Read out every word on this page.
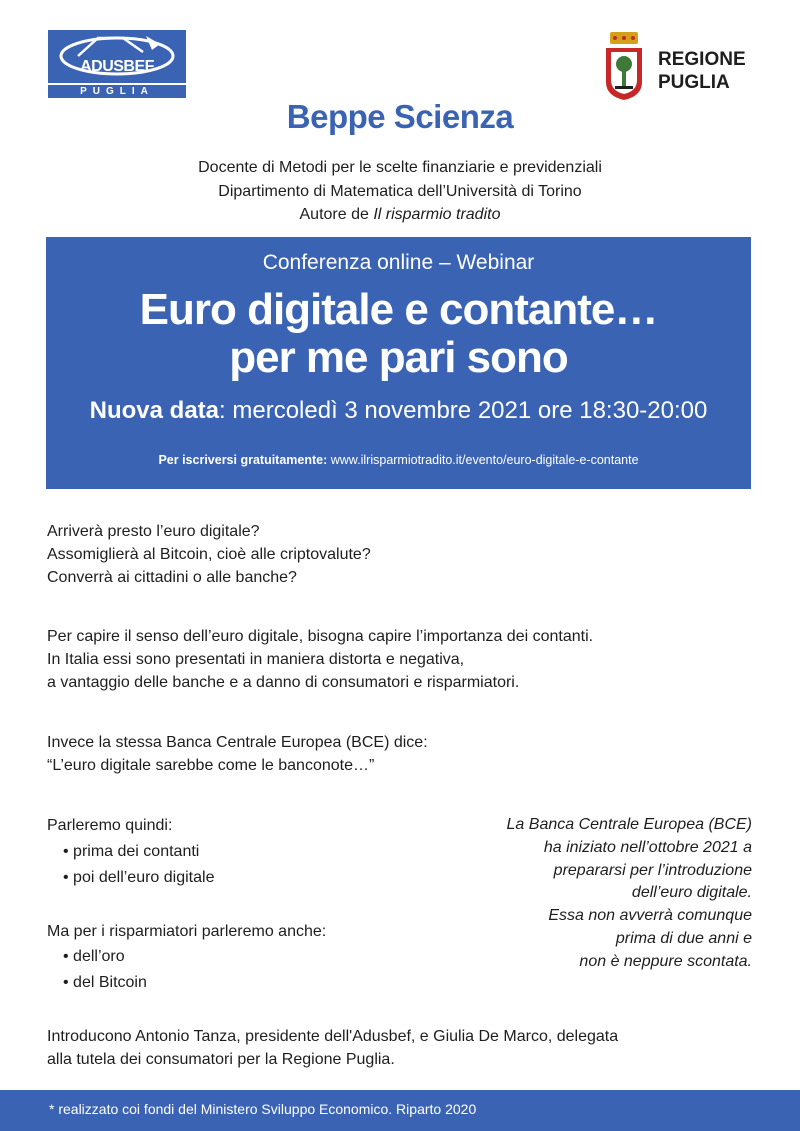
ADUSBEF
PUGLIA
REGIONE
PUGLIA
Beppe Scienza
Docente di Metodi per le scelte finanziarie e previdenziali
Dipartimento di Matematica dell’Università di Torino
Autore de Il risparmio tradito
Conferenza online – Webinar
Euro digitale e contante…
per me pari sono
Nuova data: mercoledì 3 novembre 2021 ore 18:30-20:00
Per iscriversi gratuitamente: www.ilrisparmiotradito.it/evento/euro-digitale-e-contante
Arriverà presto l’euro digitale?
Assomiglierà al Bitcoin, cioè alle criptovalute?
Converrà ai cittadini o alle banche?
Per capire il senso dell’euro digitale, bisogna capire l’importanza dei contanti.
In Italia essi sono presentati in maniera distorta e negativa,
a vantaggio delle banche e a danno di consumatori e risparmiatori.
Invece la stessa Banca Centrale Europea (BCE) dice:
“L’euro digitale sarebbe come le banconote…”
Parleremo quindi:
• prima dei contanti
• poi dell’euro digitale
Ma per i risparmiatori parleremo anche:
• dell’oro
• del Bitcoin
La Banca Centrale Europea (BCE)
ha iniziato nell’ottobre 2021 a
prepararsi per l’introduzione
dell’euro digitale.
Essa non avverrà comunque
prima di due anni e
non è neppure scontata.
Introducono Antonio Tanza, presidente dell'Adusbef, e Giulia De Marco, delegata
alla tutela dei consumatori per la Regione Puglia.
* realizzato coi fondi del Ministero Sviluppo Economico. Riparto 2020
